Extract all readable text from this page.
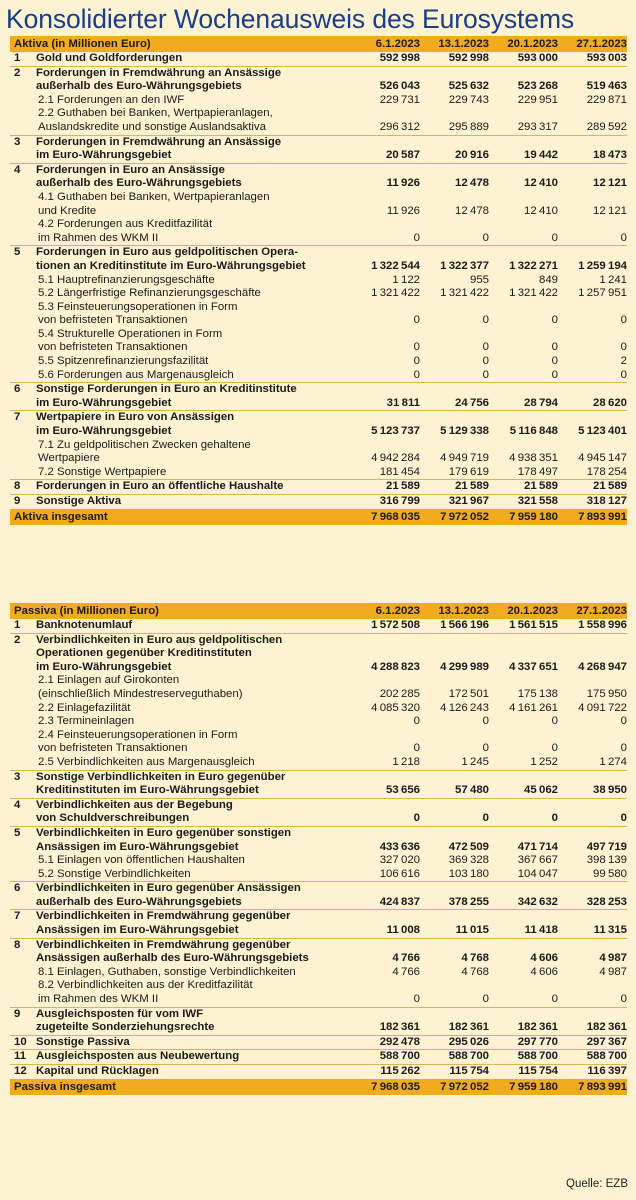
Konsolidierter Wochenausweis des Eurosystems
Aktiva (in Millionen Euro)	6.1.2023	13.1.2023	20.1.2023	27.1.2023
1	Gold und Goldforderungen	592 998	592 998	593 000	593 003
2	Forderungen in Fremdwährung an Ansässige
außerhalb des Euro-Währungsgebiets	526 043	525 632	523 268	519 463
2.1 Forderungen an den IWF	229 731	229 743	229 951	229 871
2.2 Guthaben bei Banken, Wertpapieranlagen,
Auslandskredite und sonstige Auslandsaktiva	296 312	295 889	293 317	289 592
3	Forderungen in Fremdwährung an Ansässige
im Euro-Währungsgebiet	20 587	20 916	19 442	18 473
4	Forderungen in Euro an Ansässige
außerhalb des Euro-Währungsgebiets	11 926	12 478	12 410	12 121
4.1 Guthaben bei Banken, Wertpapieranlagen
und Kredite	11 926	12 478	12 410	12 121
4.2 Forderungen aus Kreditfazilität
im Rahmen des WKM II	0	0	0	0
5	Forderungen in Euro aus geldpolitischen Opera-
tionen an Kreditinstitute im Euro-Währungsgebiet	1 322 544	1 322 377	1 322 271	1 259 194
5.1 Hauptrefinanzierungsgeschäfte	1 122	955	849	1 241
5.2 Längerfristige Refinanzierungsgeschäfte	1 321 422	1 321 422	1 321 422	1 257 951
5.3 Feinsteuerungsoperationen in Form
von befristeten Transaktionen	0	0	0	0
5.4 Strukturelle Operationen in Form
von befristeten Transaktionen	0	0	0	0
5.5 Spitzenrefinanzierungsfazilität	0	0	0	2
5.6 Forderungen aus Margenausgleich	0	0	0	0
6	Sonstige Forderungen in Euro an Kreditinstitute
im Euro-Währungsgebiet	31 811	24 756	28 794	28 620
7	Wertpapiere in Euro von Ansässigen
im Euro-Währungsgebiet	5 123 737	5 129 338	5 116 848	5 123 401
7.1 Zu geldpolitischen Zwecken gehaltene
Wertpapiere	4 942 284	4 949 719	4 938 351	4 945 147
7.2 Sonstige Wertpapiere	181 454	179 619	178 497	178 254
8	Forderungen in Euro an öffentliche Haushalte	21 589	21 589	21 589	21 589
9	Sonstige Aktiva	316 799	321 967	321 558	318 127
Aktiva insgesamt	7 968 035	7 972 052	7 959 180	7 893 991
Passiva (in Millionen Euro)	6.1.2023	13.1.2023	20.1.2023	27.1.2023
1	Banknotenumlauf	1 572 508	1 566 196	1 561 515	1 558 996
2	Verbindlichkeiten in Euro aus geldpolitischen
Operationen gegenüber Kreditinstituten
im Euro-Währungsgebiet	4 288 823	4 299 989	4 337 651	4 268 947
2.1 Einlagen auf Girokonten
(einschließlich Mindestreserveguthaben)	202 285	172 501	175 138	175 950
2.2 Einlagefazilität	4 085 320	4 126 243	4 161 261	4 091 722
2.3 Termineinlagen	0	0	0	0
2.4 Feinsteuerungsoperationen in Form
von befristeten Transaktionen	0	0	0	0
2.5 Verbindlichkeiten aus Margenausgleich	1 218	1 245	1 252	1 274
3	Sonstige Verbindlichkeiten in Euro gegenüber
Kreditinstituten im Euro-Währungsgebiet	53 656	57 480	45 062	38 950
4	Verbindlichkeiten aus der Begebung
von Schuldverschreibungen	0	0	0	0
5	Verbindlichkeiten in Euro gegenüber sonstigen
Ansässigen im Euro-Währungsgebiet	433 636	472 509	471 714	497 719
5.1 Einlagen von öffentlichen Haushalten	327 020	369 328	367 667	398 139
5.2 Sonstige Verbindlichkeiten	106 616	103 180	104 047	99 580
6	Verbindlichkeiten in Euro gegenüber Ansässigen
außerhalb des Euro-Währungsgebiets	424 837	378 255	342 632	328 253
7	Verbindlichkeiten in Fremdwährung gegenüber
Ansässigen im Euro-Währungsgebiet	11 008	11 015	11 418	11 315
8	Verbindlichkeiten in Fremdwährung gegenüber
Ansässigen außerhalb des Euro-Währungsgebiets	4 766	4 768	4 606	4 987
8.1 Einlagen, Guthaben, sonstige Verbindlichkeiten	4 766	4 768	4 606	4 987
8.2 Verbindlichkeiten aus der Kreditfazilität
im Rahmen des WKM II	0	0	0	0
9	Ausgleichsposten für vom IWF
zugeteilte Sonderziehungsrechte	182 361	182 361	182 361	182 361
10 Sonstige Passiva	292 478	295 026	297 770	297 367
11 Ausgleichsposten aus Neubewertung	588 700	588 700	588 700	588 700
12 Kapital und Rücklagen	115 262	115 754	115 754	116 397
Passiva insgesamt	7 968 035	7 972 052	7 959 180	7 893 991
Quelle: EZB
